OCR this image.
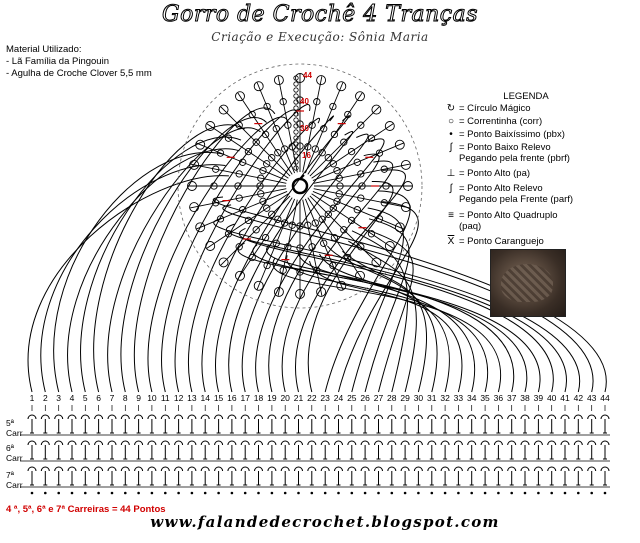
Gorro de Crochê 4 Tranças
Criação e Execução: Sônia Maria
Material Utilizado:
- Lã Família da Pingouin
- Agulha de Croche Clover 5,5 mm
1 2 3 4 5 6 7 8 9 10 11 12 13 14 15 16 17 18 19 20 21 22 23 24 25 26 27 28 29 30 31 32 33 34 35 36 37 38 39 40 41 42 43 44
44
40
30
16
LEGENDA
↻ = Círculo Mágico
○ = Correntinha (corr)
• = Ponto Baixíssimo (pbx)
∫ = Ponto Baixo Relevo
Pegando pela frente (pbrf)
⊥ = Ponto Alto (pa)
∫ = Ponto Alto Relevo
Pegando pela Frente (parf)
≡ = Ponto Alto Quadruplo
(paq)
$\overline{X}$ = Ponto Caranguejo
5ª
Carr
6ª
Carr
7ª
Carr
4 ª, 5ª, 6ª e 7ª Carreiras = 44 Pontos
www.falandedecrochet.blogspot.com
